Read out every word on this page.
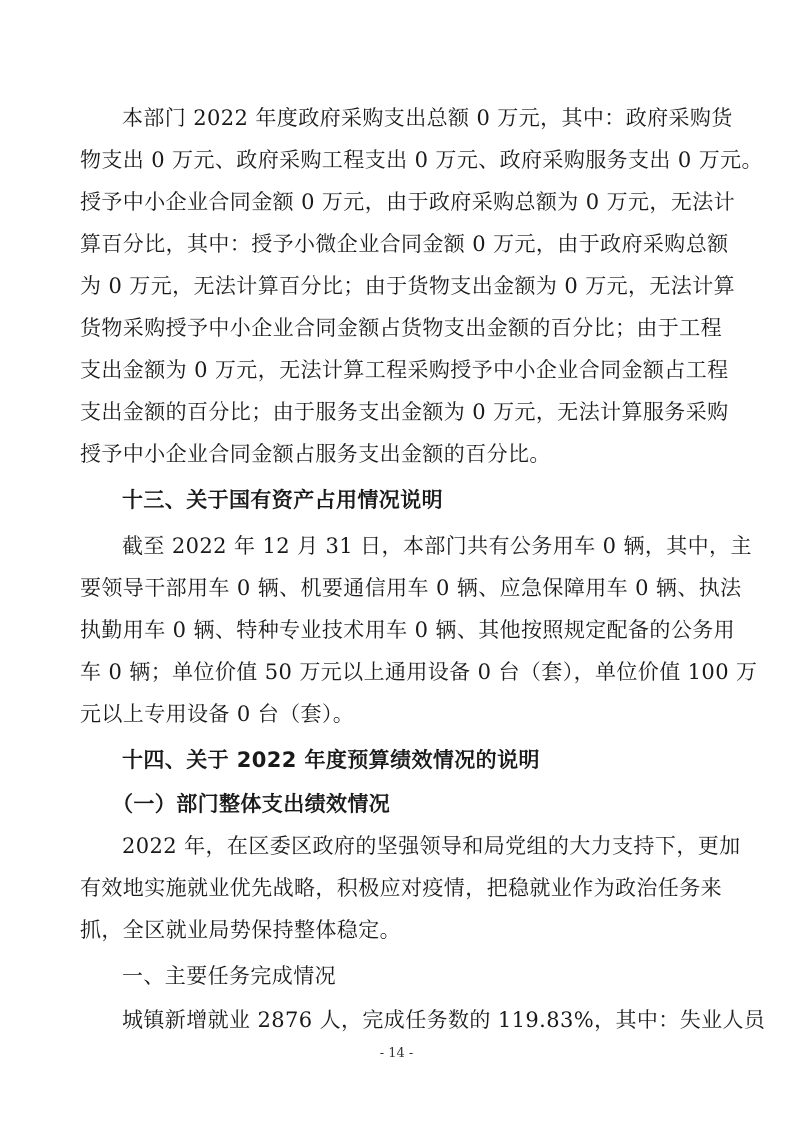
本部门 2022 年度政府采购支出总额 0 万元，其中：政府采购货
物支出 0 万元、政府采购工程支出 0 万元、政府采购服务支出 0 万元。
授予中小企业合同金额 0 万元，由于政府采购总额为 0 万元，无法计
算百分比，其中：授予小微企业合同金额 0 万元，由于政府采购总额
为 0 万元，无法计算百分比；由于货物支出金额为 0 万元，无法计算
货物采购授予中小企业合同金额占货物支出金额的百分比；由于工程
支出金额为 0 万元，无法计算工程采购授予中小企业合同金额占工程
支出金额的百分比；由于服务支出金额为 0 万元，无法计算服务采购
授予中小企业合同金额占服务支出金额的百分比。
十三、关于国有资产占用情况说明
截至 2022 年 12 月 31 日，本部门共有公务用车 0 辆，其中，主
要领导干部用车 0 辆、机要通信用车 0 辆、应急保障用车 0 辆、执法
执勤用车 0 辆、特种专业技术用车 0 辆、其他按照规定配备的公务用
车 0 辆；单位价值 50 万元以上通用设备 0 台（套），单位价值 100 万
元以上专用设备 0 台（套）。
十四、关于 2022 年度预算绩效情况的说明
（一）部门整体支出绩效情况
2022 年，在区委区政府的坚强领导和局党组的大力支持下，更加
有效地实施就业优先战略，积极应对疫情，把稳就业作为政治任务来
抓，全区就业局势保持整体稳定。
一、主要任务完成情况
城镇新增就业 2876 人，完成任务数的 119.83%，其中：失业人员
- 14 -
